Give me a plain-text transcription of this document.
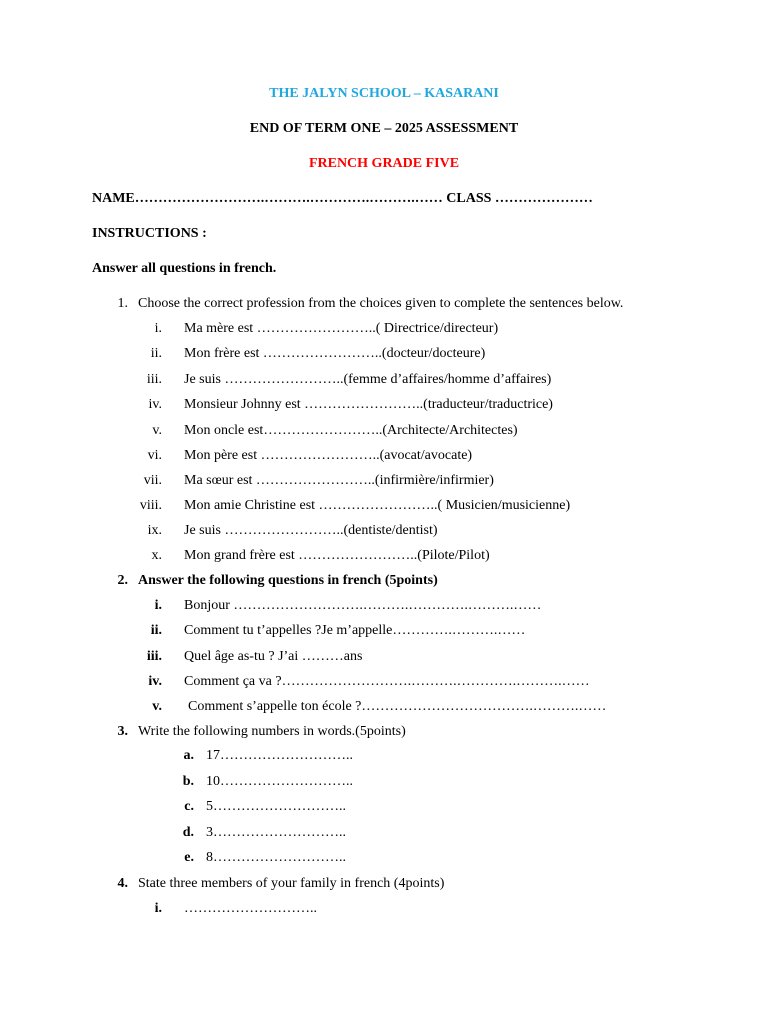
THE JALYN SCHOOL – KASARANI
END OF TERM ONE – 2025 ASSESSMENT
FRENCH GRADE FIVE
NAME……………………….……….………….……….…… CLASS …………………
INSTRUCTIONS :
Answer all questions in french.
1. Choose the correct profession from the choices given to complete the sentences below.
i. Ma mère est ……………………..( Directrice/directeur)
ii. Mon frère est ……………………..(docteur/docteure)
iii. Je suis ……………………..(femme d’affaires/homme d’affaires)
iv. Monsieur Johnny est ……………………..(traducteur/traductrice)
v. Mon oncle est……………………..(Architecte/Architectes)
vi. Mon père est ……………………..(avocat/avocate)
vii. Ma sœur est ……………………..(infirmière/infirmier)
viii. Mon amie Christine est ……………………..( Musicien/musicienne)
ix. Je suis ……………………..(dentiste/dentist)
x. Mon grand frère est ……………………..(Pilote/Pilot)
2. Answer the following questions in french (5points)
i. Bonjour ……………………….……….………….……….……
ii. Comment tu t’appelles ?Je m’appelle………….……….……
iii. Quel âge as-tu ? J’ai ………ans
iv. Comment ça va ?……………………….……….………….……….……
v. Comment s’appelle ton école ?……………………………….……….……
3. Write the following numbers in words.(5points)
a. 17………………………..
b. 10………………………..
c. 5………………………..
d. 3………………………..
e. 8………………………..
4. State three members of your family in french (4points)
i. ………………………..
